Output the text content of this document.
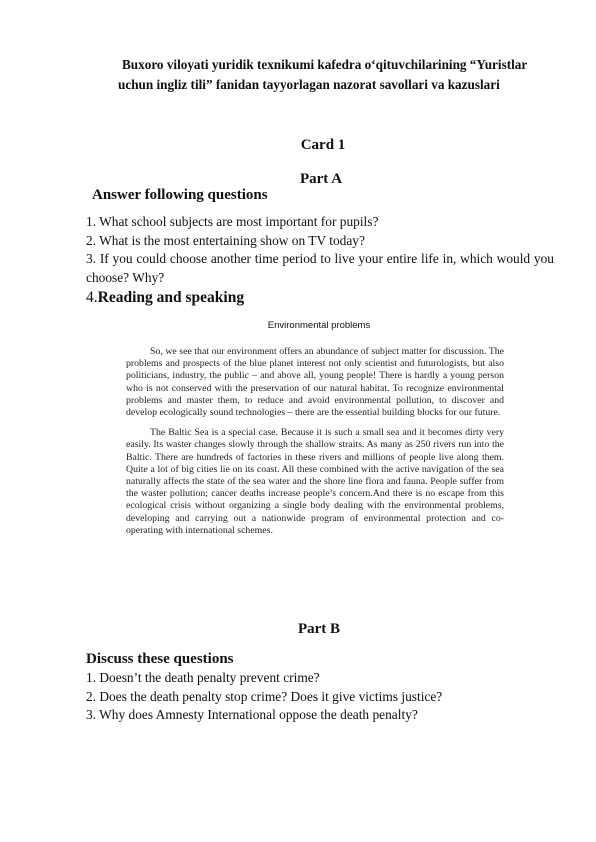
Buxoro viloyati yuridik texnikumi kafedra o‘qituvchilarining “Yuristlar
uchun ingliz tili” fanidan tayyorlagan nazorat savollari va kazuslari
Card 1
Part A
Answer following questions
1. What school subjects are most important for pupils?
2. What is the most entertaining show on TV today?
3. If you could choose another time period to live your entire life in, which would you choose? Why?
4.Reading and speaking
Environmental problems

So, we see that our environment offers an abundance of subject matter for discussion. The problems and prospects of the blue planet interest not only scientist and futurologists, but also politicians, industry, the public – and above all, young people! There is hardly a young person who is not conserved with the preservation of our natural habitat. To recognize environmental problems and master them, to reduce and avoid environmental pollution, to discover and develop ecologically sound technologies – there are the essential building blocks for our future.

The Baltic Sea is a special case. Because it is such a small sea and it becomes dirty very easily. Its waster changes slowly through the shallow straits. As many as 250 rivers run into the Baltic. There are hundreds of factories in these rivers and millions of people live along them. Quite a lot of big cities lie on its coast. All these combined with the active navigation of the sea naturally affects the state of the sea water and the shore line flora and fauna. People suffer from the waster pollution; cancer deaths increase people’s concern.And there is no escape from this ecological crisis without organizing a single body dealing with the environmental problems, developing and carrying out a nationwide program of environmental protection and co-operating with international schemes.

Part B
Discuss these questions
1. Doesn’t the death penalty prevent crime?
2. Does the death penalty stop crime? Does it give victims justice?
3. Why does Amnesty International oppose the death penalty?
